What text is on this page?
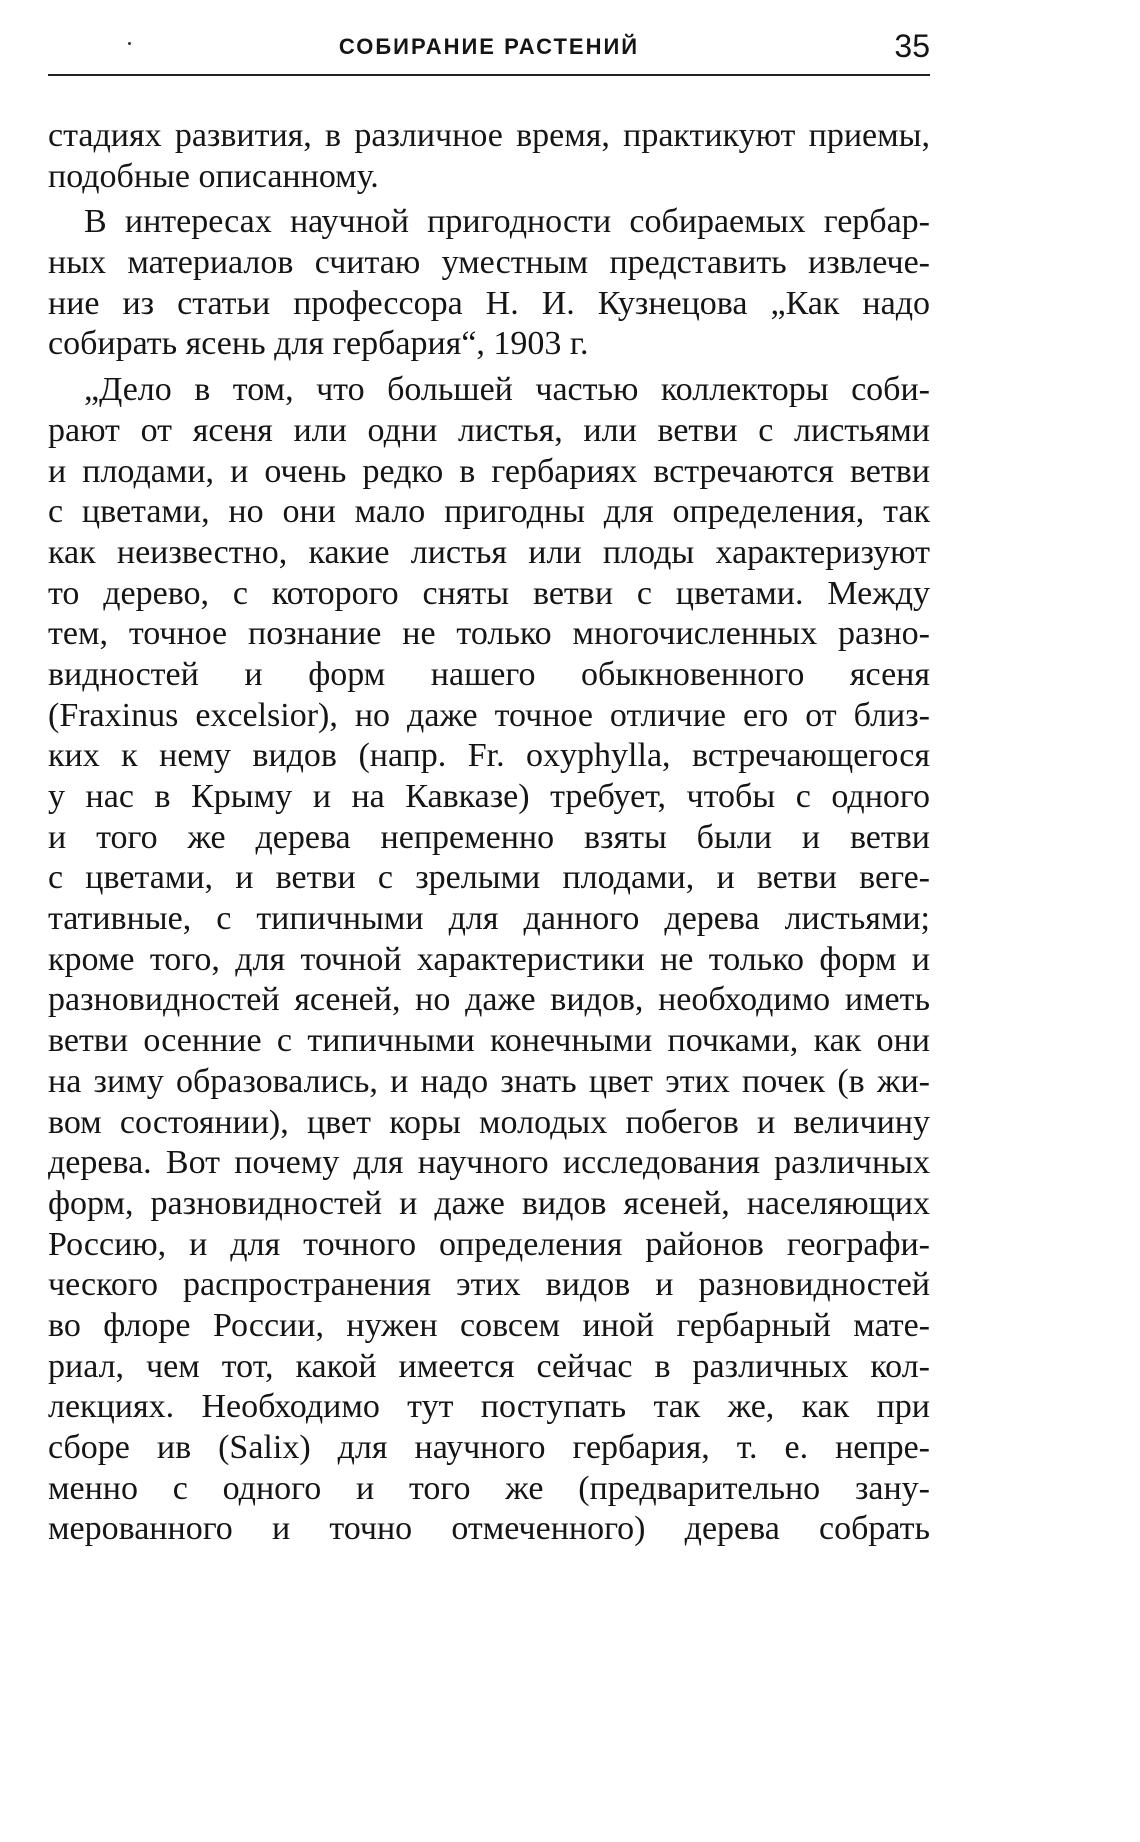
СОБИРАНИЕ РАСТЕНИЙ	35

стадиях развития, в различное время, практикуют приемы,
подобные описанному.

В интересах научной пригодности собираемых гербар-
ных материалов считаю уместным представить извлече-
ние из статьи профессора Н. И. Кузнецова „Как надо
собирать ясень для гербария“, 1903 г.

„Дело в том, что большей частью коллекторы соби-
рают от ясеня или одни листья, или ветви с листьями
и плодами, и очень редко в гербариях встречаются ветви
с цветами, но они мало пригодны для определения, так
как неизвестно, какие листья или плоды характеризуют
то дерево, с которого сняты ветви с цветами. Между
тем, точное познание не только многочисленных разно-
видностей и форм нашего обыкновенного ясеня
(Fraxinus excelsior), но даже точное отличие его от близ-
ких к нему видов (напр. Fr. oxyphylla, встречающегося
у нас в Крыму и на Кавказе) требует, чтобы с одного
и того же дерева непременно взяты были и ветви
с цветами, и ветви с зрелыми плодами, и ветви веге-
тативные, с типичными для данного дерева листьями;
кроме того, для точной характеристики не только форм и
разновидностей ясеней, но даже видов, необходимо иметь
ветви осенние с типичными конечными почками, как они
на зиму образовались, и надо знать цвет этих почек (в жи-
вом состоянии), цвет коры молодых побегов и величину
дерева. Вот почему для научного исследования различных
форм, разновидностей и даже видов ясеней, населяющих
Россию, и для точного определения районов географи-
ческого распространения этих видов и разновидностей
во флоре России, нужен совсем иной гербарный мате-
риал, чем тот, какой имеется сейчас в различных кол-
лекциях. Необходимо тут поступать так же, как при
сборе ив (Salix) для научного гербария, т. е. непре-
менно с одного и того же (предварительно зану-
мерованного и точно отмеченного) дерева собрать
